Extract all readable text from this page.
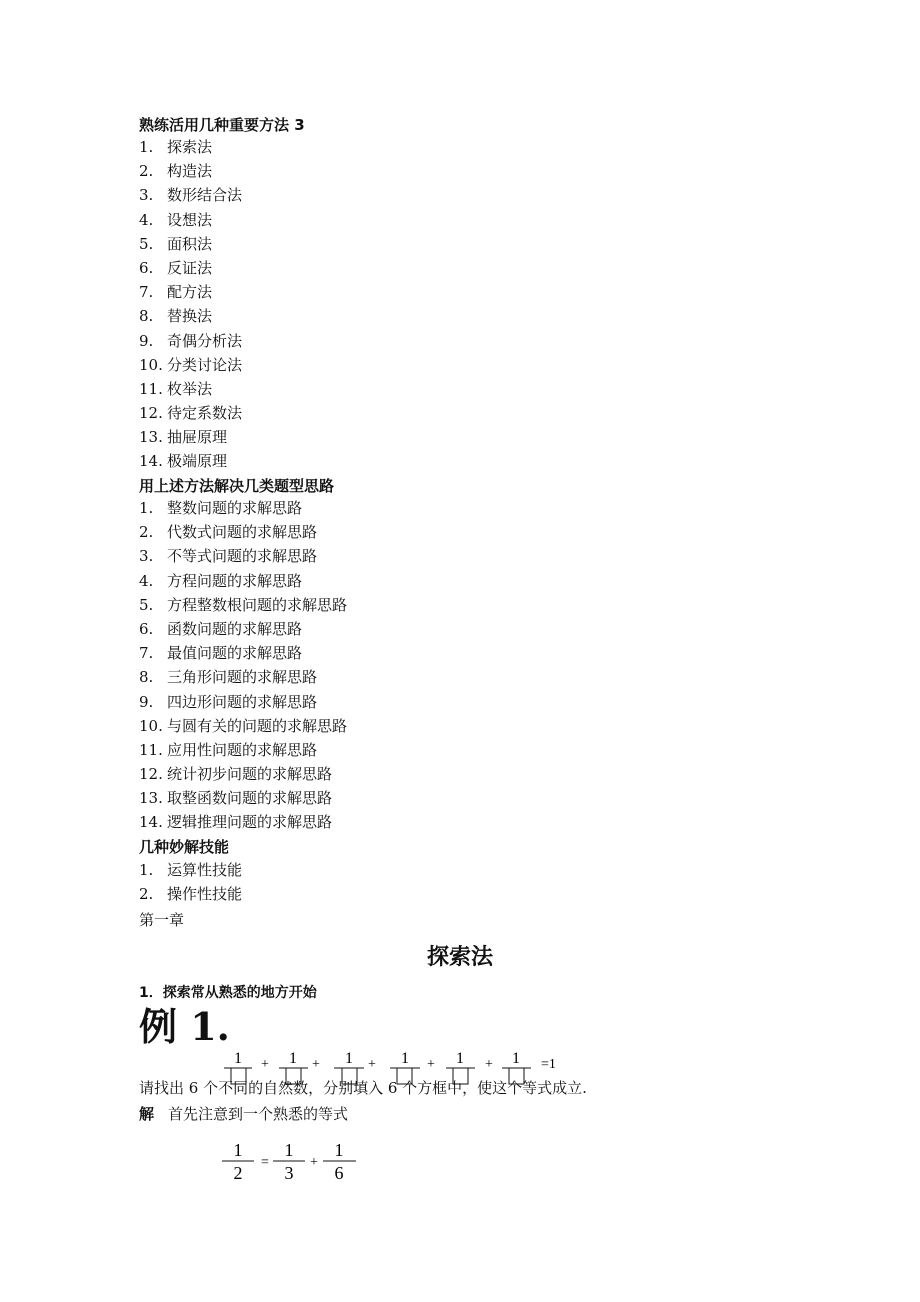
熟练活用几种重要方法 3
1. 探索法
2. 构造法
3. 数形结合法
4. 设想法
5. 面积法
6. 反证法
7. 配方法
8. 替换法
9. 奇偶分析法
10. 分类讨论法
11. 枚举法
12. 待定系数法
13. 抽屉原理
14. 极端原理
用上述方法解决几类题型思路
1. 整数问题的求解思路
2. 代数式问题的求解思路
3. 不等式问题的求解思路
4. 方程问题的求解思路
5. 方程整数根问题的求解思路
6. 函数问题的求解思路
7. 最值问题的求解思路
8. 三角形问题的求解思路
9. 四边形问题的求解思路
10. 与圆有关的问题的求解思路
11. 应用性问题的求解思路
12. 统计初步问题的求解思路
13. 取整函数问题的求解思路
14. 逻辑推理问题的求解思路
几种妙解技能
1. 运算性技能
2. 操作性技能
第一章
探索法
1．探索常从熟悉的地方开始
例 1.
1 + 1 + 1 + 1 + 1 + 1 =1
1
2
=
1
3
+
1
6
请找出 6 个不同的自然数，分别填入 6 个方框中，使这个等式成立.
解 首先注意到一个熟悉的等式
